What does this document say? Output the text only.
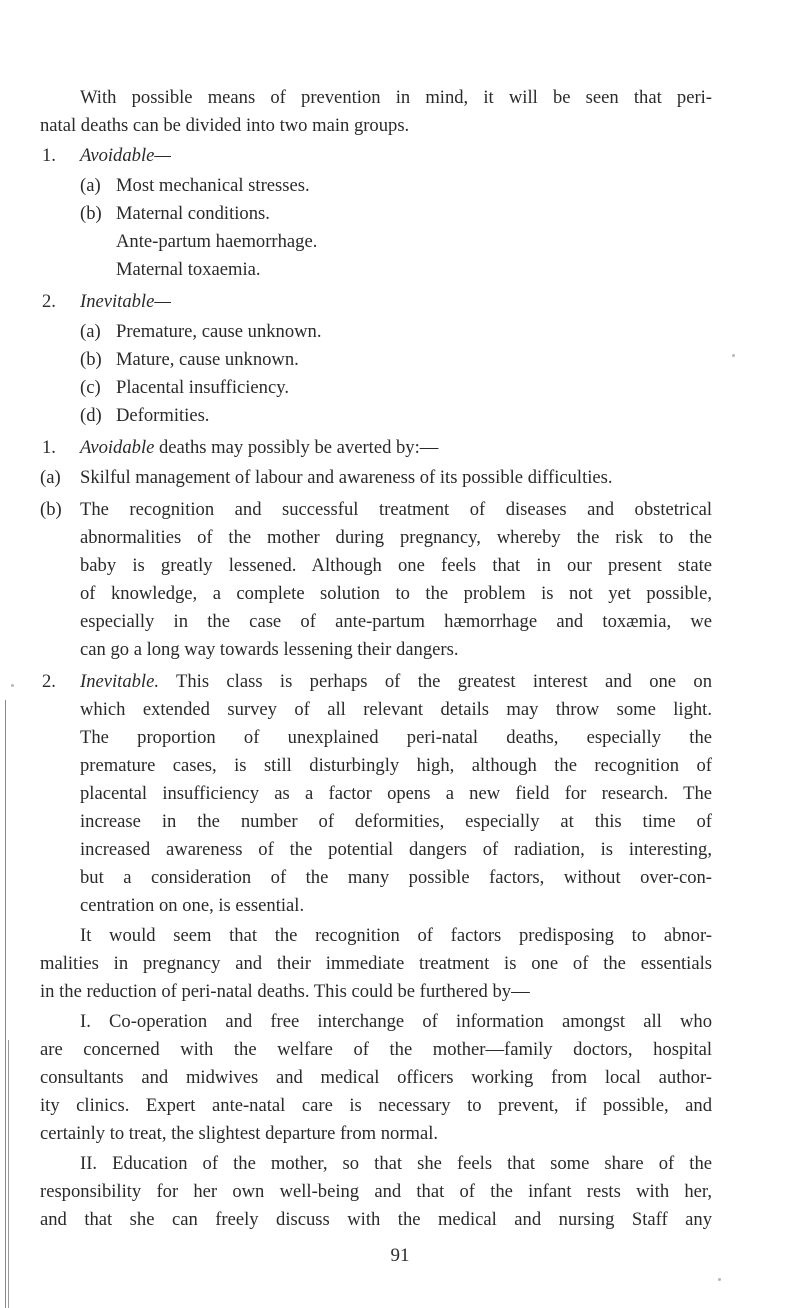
With possible means of prevention in mind, it will be seen that peri-
natal deaths can be divided into two main groups.
1. Avoidable—
(a) Most mechanical stresses.
(b) Maternal conditions.
Ante-partum haemorrhage.
Maternal toxaemia.
2. Inevitable—
(a) Premature, cause unknown.
(b) Mature, cause unknown.
(c) Placental insufficiency.
(d) Deformities.
1. Avoidable deaths may possibly be averted by:—
(a) Skilful management of labour and awareness of its possible difficulties.
(b) The recognition and successful treatment of diseases and obstetrical
abnormalities of the mother during pregnancy, whereby the risk to the
baby is greatly lessened. Although one feels that in our present state
of knowledge, a complete solution to the problem is not yet possible,
especially in the case of ante-partum hæmorrhage and toxæmia, we
can go a long way towards lessening their dangers.
2. Inevitable. This class is perhaps of the greatest interest and one on
which extended survey of all relevant details may throw some light.
The proportion of unexplained peri-natal deaths, especially the
premature cases, is still disturbingly high, although the recognition of
placental insufficiency as a factor opens a new field for research. The
increase in the number of deformities, especially at this time of
increased awareness of the potential dangers of radiation, is interesting,
but a consideration of the many possible factors, without over-con-
centration on one, is essential.
It would seem that the recognition of factors predisposing to abnor-
malities in pregnancy and their immediate treatment is one of the essentials
in the reduction of peri-natal deaths. This could be furthered by—
I. Co-operation and free interchange of information amongst all who
are concerned with the welfare of the mother—family doctors, hospital
consultants and midwives and medical officers working from local author-
ity clinics. Expert ante-natal care is necessary to prevent, if possible, and
certainly to treat, the slightest departure from normal.
II. Education of the mother, so that she feels that some share of the
responsibility for her own well-being and that of the infant rests with her,
and that she can freely discuss with the medical and nursing Staff any
91
